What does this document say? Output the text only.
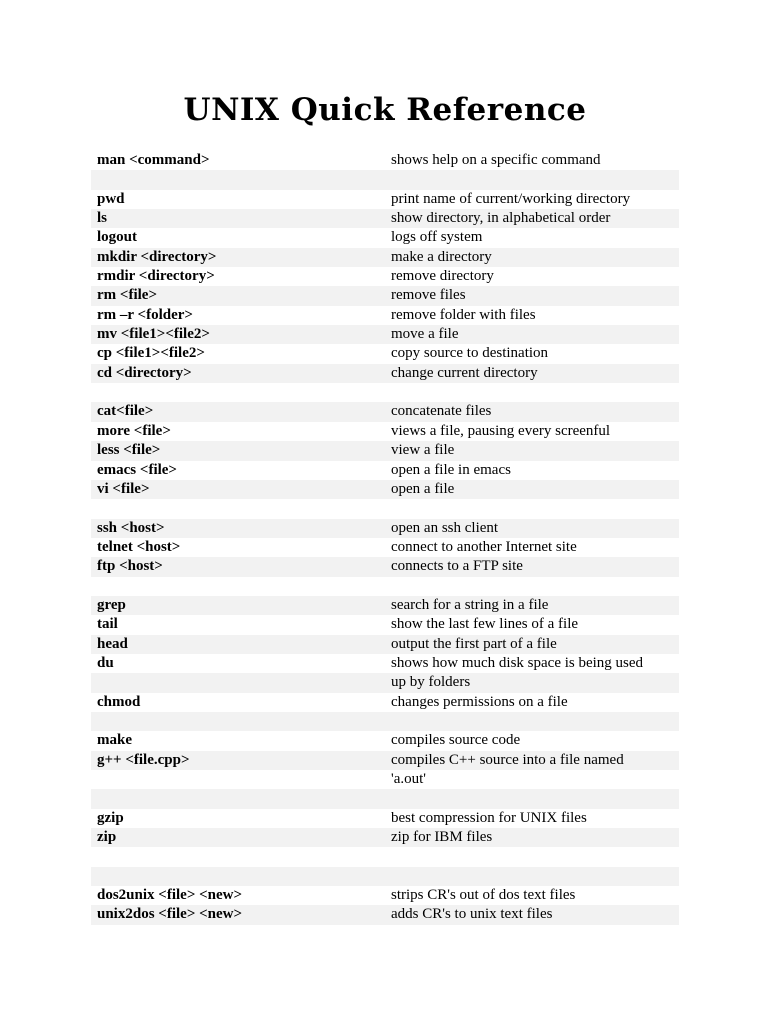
UNIX Quick Reference
man <command>	shows help on a specific command
pwd	print name of current/working directory
ls	show directory, in alphabetical order
logout	logs off system
mkdir <directory>	make a directory
rmdir <directory>	remove directory
rm <file>	remove files
rm –r <folder>	remove folder with files
mv <file1><file2>	move a file
cp <file1><file2>	copy source to destination
cd <directory>	change current directory
cat<file>	concatenate files
more <file>	views a file, pausing every screenful
less <file>	view a file
emacs <file>	open a file in emacs
vi <file>	open a file
ssh <host>	open an ssh client
telnet <host>	connect to another Internet site
ftp <host>	connects to a FTP site
grep	search for a string in a file
tail	show the last few lines of a file
head	output the first part of a file
du	shows how much disk space is being used
up by folders
chmod	changes permissions on a file
make	compiles source code
g++ <file.cpp>	compiles C++ source into a file named
'a.out'
gzip	best compression for UNIX files
zip	zip for IBM files
dos2unix <file> <new>	strips CR's out of dos text files
unix2dos <file> <new>	adds CR's to unix text files
